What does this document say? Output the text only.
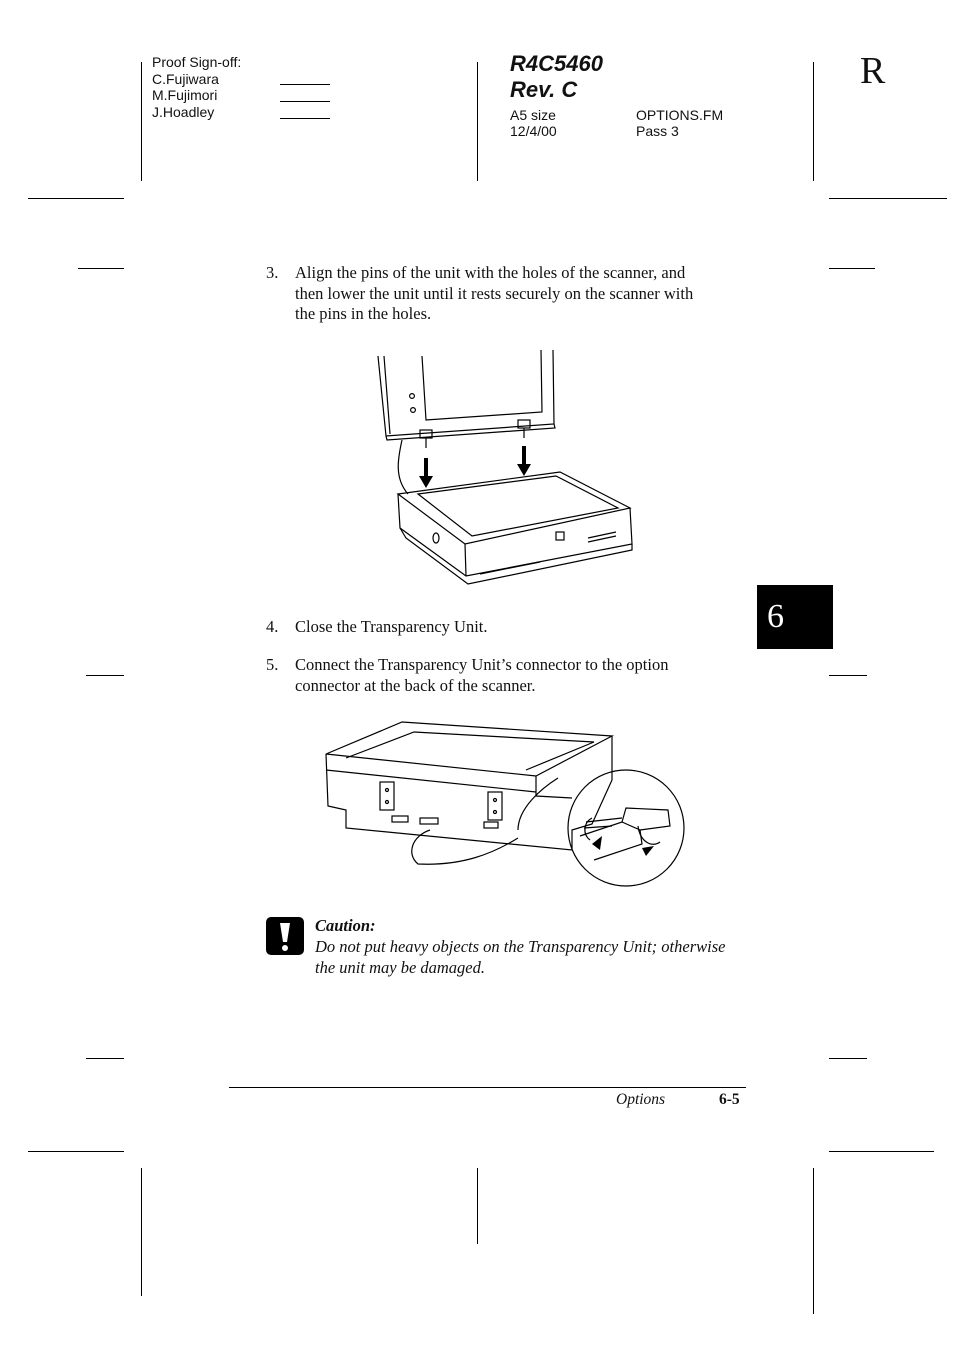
Proof Sign-off:
C.Fujiwara
M.Fujimori
J.Hoadley
R4C5460
Rev. C
A5 size
12/4/00
OPTIONS.FM
Pass 3
R
6
3. Align the pins of the unit with the holes of the scanner, and
then lower the unit until it rests securely on the scanner with
the pins in the holes.
4. Close the Transparency Unit.
5. Connect the Transparency Unit’s connector to the option
connector at the back of the scanner.
Caution:
Do not put heavy objects on the Transparency Unit; otherwise
the unit may be damaged.
Options	6-5
